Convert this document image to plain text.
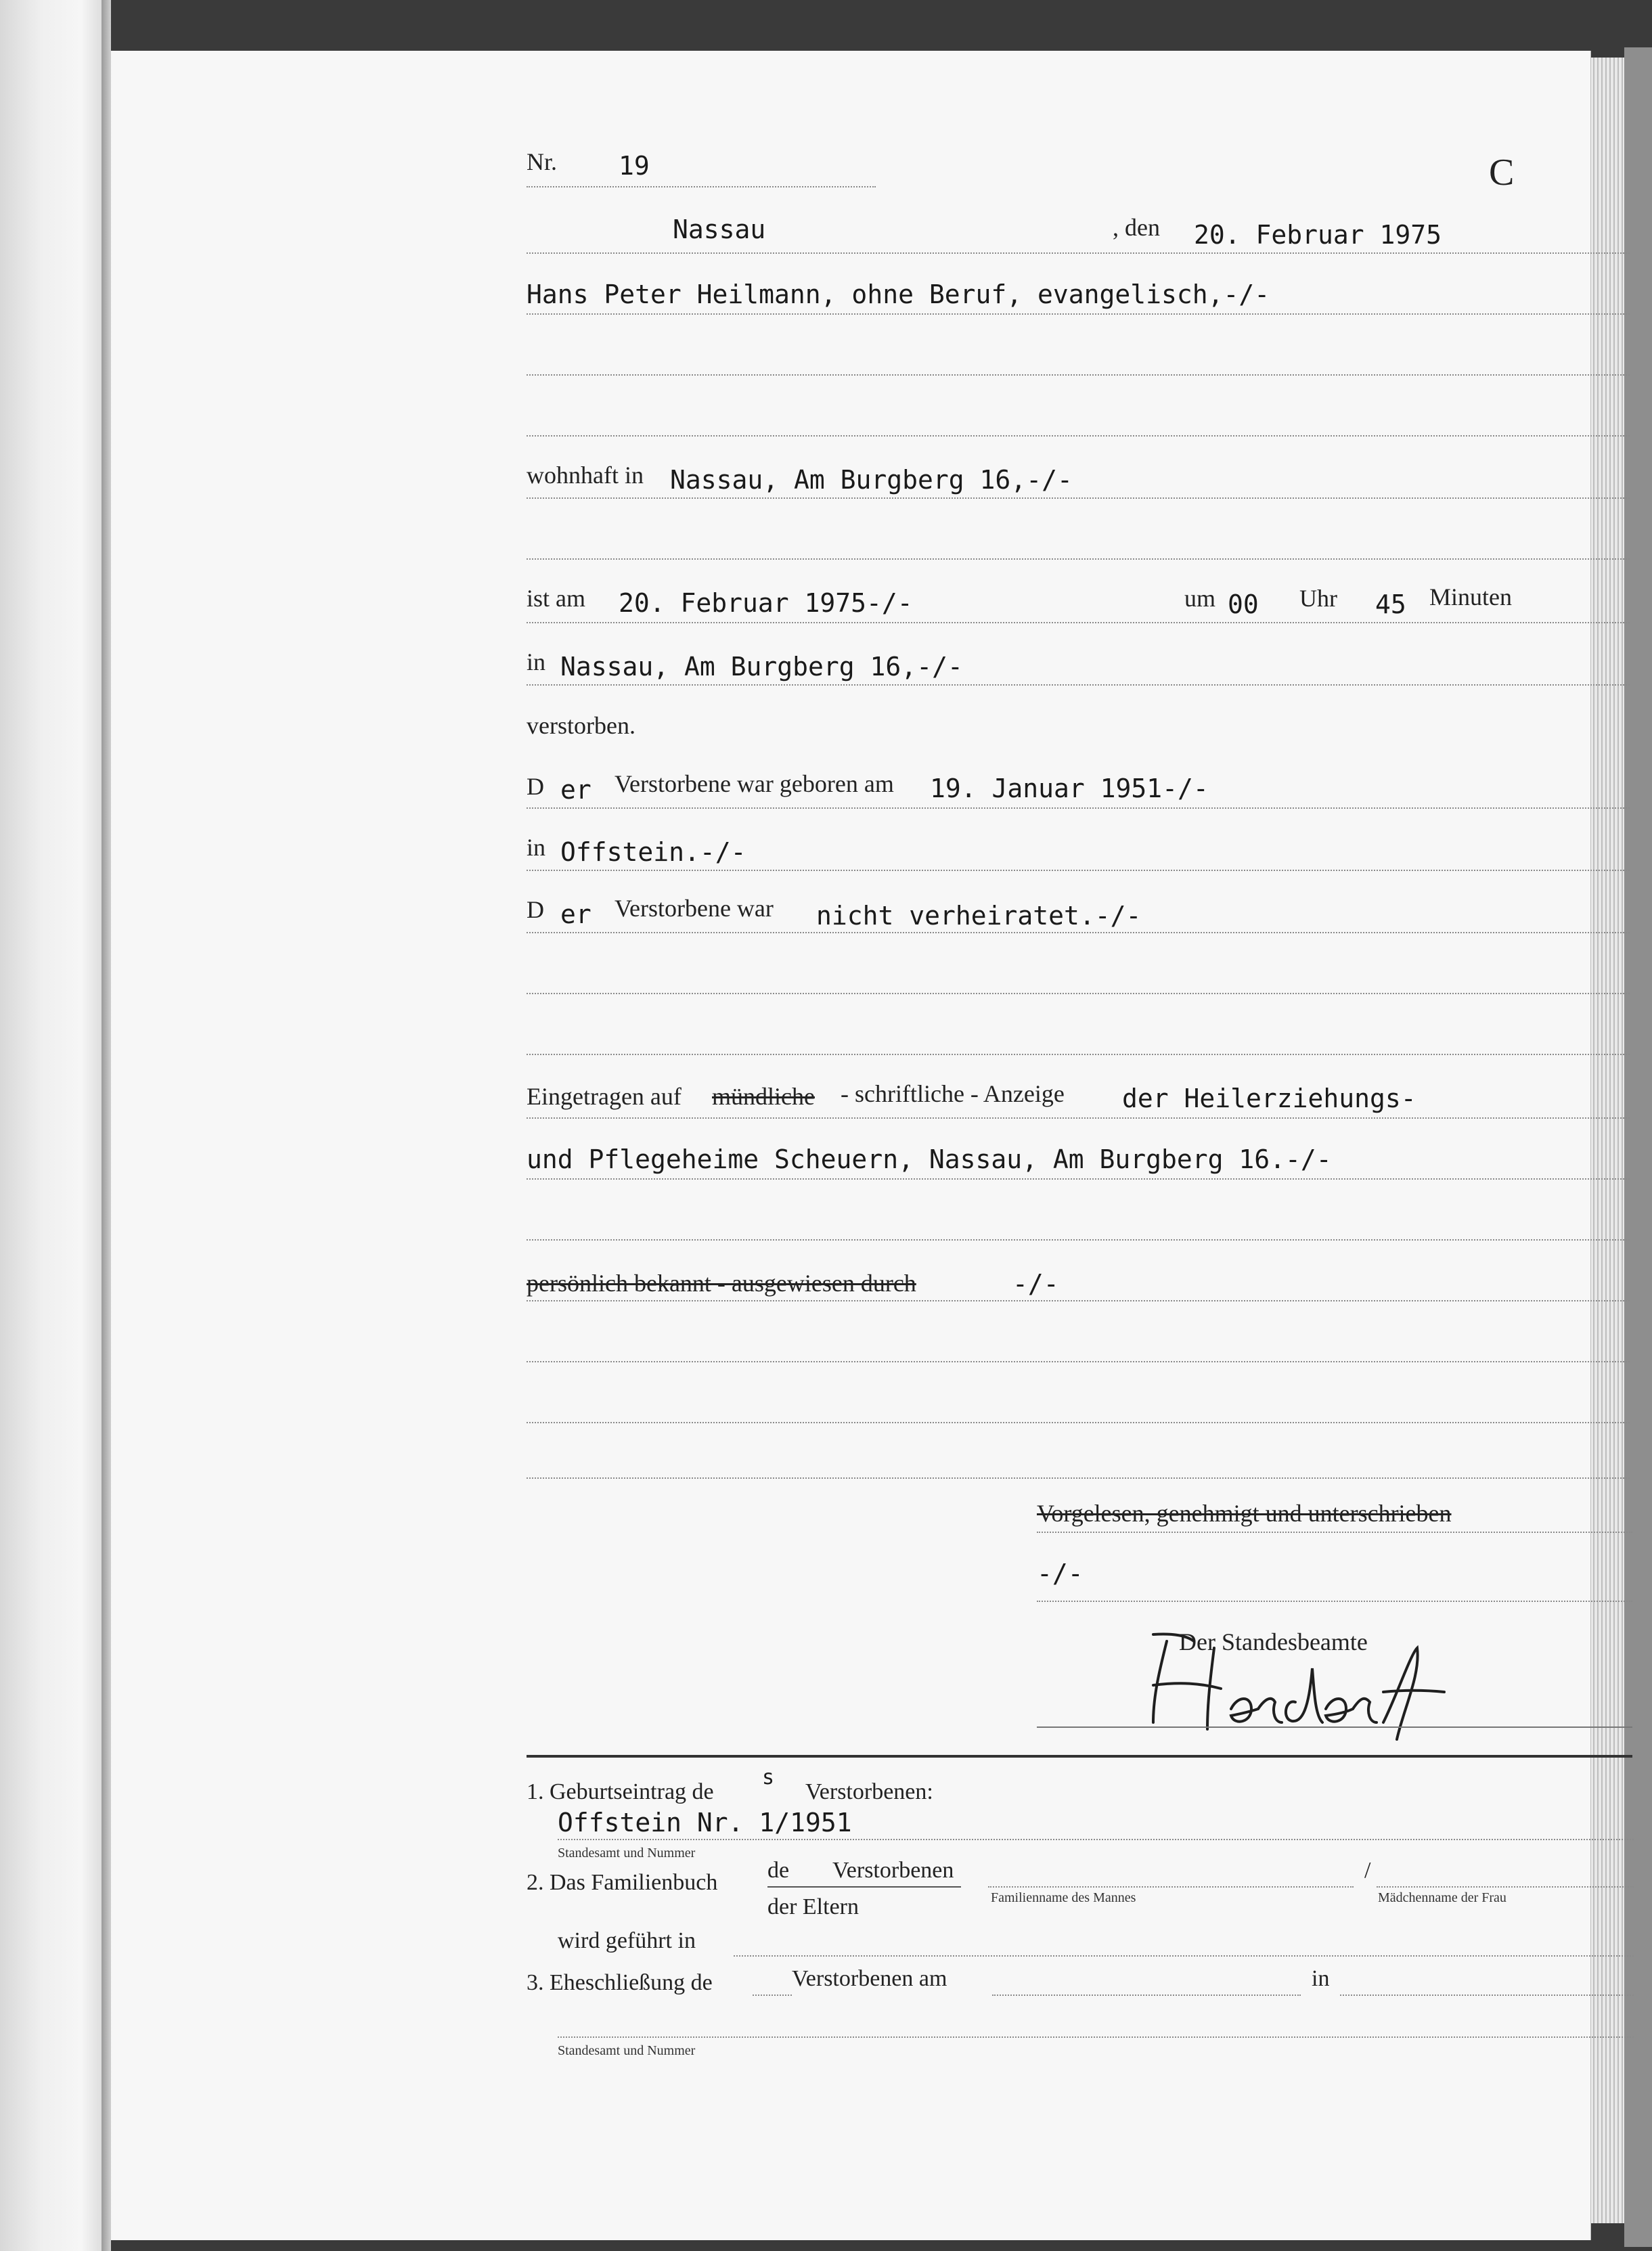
Nr. 19	C
Nassau	, den 20. Februar 1975
Hans Peter Heilmann, ohne Beruf, evangelisch,-/-
wohnhaft in Nassau, Am Burgberg 16,-/-
ist am 20. Februar 1975-/-	um 00 Uhr 45 Minuten
in Nassau, Am Burgberg 16,-/-
verstorben.
D er Verstorbene war geboren am 19. Januar 1951-/-
in Offstein.-/-
D er Verstorbene war nicht verheiratet.-/-
Eingetragen auf mündliche - schriftliche - Anzeige der Heilerziehungs-
und Pflegeheime Scheuern, Nassau, Am Burgberg 16.-/-
persönlich bekannt - ausgewiesen durch	-/-
Vorgelesen, genehmigt und unterschrieben
-/-
Der Standesbeamte
1. Geburtseintrag de
s
Verstorbenen:
Offstein Nr. 1/1951
Standesamt und Nummer
2. Das Familienbuch de Verstorbenen
der Eltern
/
Familienname des Mannes	Mädchenname der Frau
wird geführt in
3. Eheschließung de	Verstorbenen am	in
Standesamt und Nummer
